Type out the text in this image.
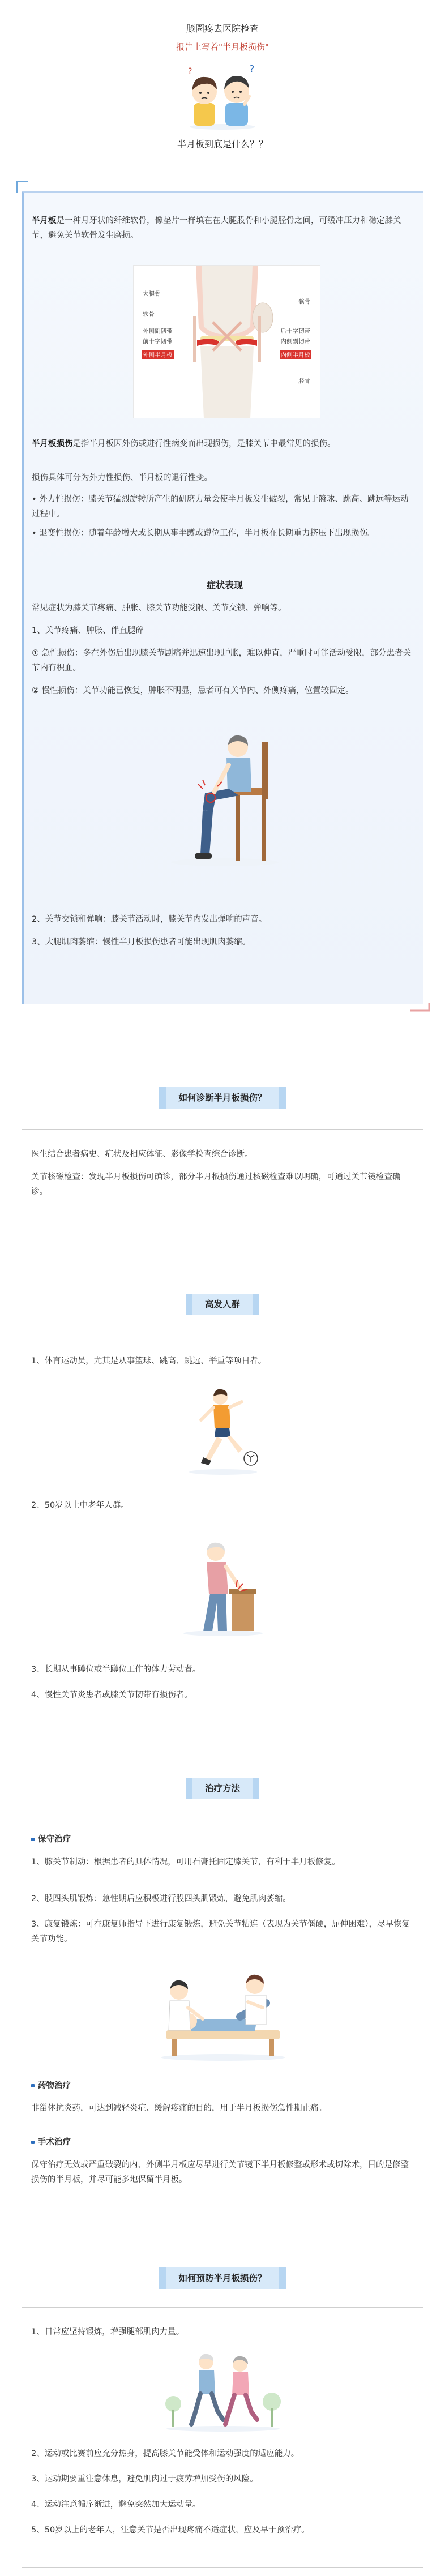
膝圈疼去医院检查
报告上写着"半月板损伤"
?
?
半月板到底是什么？？
半月板是一种月牙状的纤维软骨，像垫片一样填在在大腿股骨和小腿胫骨之间，可缓冲压力和稳定膝关节，避免关节软骨发生磨损。
大腿骨
软骨
外侧副韧带
前十字韧带
外侧半月板
髌骨
后十字韧带
内侧副韧带
内侧半月板
胫骨
半月板损伤是指半月板因外伤或进行性病变而出现损伤，是膝关节中最常见的损伤。
损伤具体可分为外力性损伤、半月板的退行性变。
• 外力性损伤：膝关节猛烈旋转所产生的研磨力量会使半月板发生破裂，常见于篮球、跳高、跳远等运动过程中。
• 退变性损伤：随着年龄增大或长期从事半蹲或蹲位工作，半月板在长期重力挤压下出现损伤。
症状表现
常见症状为膝关节疼痛、肿胀、膝关节功能受限、关节交锁、弹响等。
1、关节疼痛、肿胀、伴直腿碎
① 急性损伤：多在外伤后出现膝关节剧痛并迅速出现肿胀，难以伸直，严重时可能活动受限，部分患者关节内有积血。
② 慢性损伤：关节功能已恢复，肿胀不明显，患者可有关节内、外侧疼痛，位置较固定。
2、关节交锁和弹响：膝关节活动时，膝关节内发出弹响的声音。
3、大腿肌肉萎缩：慢性半月板损伤患者可能出现肌肉萎缩。
如何诊断半月板损伤？
医生结合患者病史、症状及相应体征、影像学检查综合诊断。
关节核磁检查：发现半月板损伤可确诊，部分半月板损伤通过核磁检查难以明确，可通过关节镜检查确诊。
高发人群
1、体育运动员，尤其是从事篮球、跳高、跳远、举重等项目者。
2、50岁以上中老年人群。
3、长期从事蹲位或半蹲位工作的体力劳动者。
4、慢性关节炎患者或膝关节韧带有损伤者。
治疗方法
保守治疗
1、膝关节制动：根据患者的具体情况，可用石膏托固定膝关节，有利于半月板修复。
2、股四头肌锻炼：急性期后应积极进行股四头肌锻炼，避免肌肉萎缩。
3、康复锻炼：可在康复师指导下进行康复锻炼，避免关节粘连（表现为关节僵硬，屈伸困难），尽早恢复关节功能。
药物治疗
非甾体抗炎药，可达到减轻炎症、缓解疼痛的目的，用于半月板损伤急性期止痛。
手术治疗
保守治疗无效或严重破裂的内、外侧半月板应尽早进行关节镜下半月板修整或形术或切除术，目的是修整损伤的半月板，并尽可能多地保留半月板。
如何预防半月板损伤？
1、日常应坚持锻炼，增强腿部肌肉力量。
2、运动或比赛前应充分热身，提高膝关节能受体和运动强度的适应能力。
3、运动期要重注意休息，避免肌肉过于疲劳增加受伤的风险。
4、运动注意循序渐进，避免突然加大运动量。
5、50岁以上的老年人，注意关节是否出现疼痛不适症状，应及早于预治疗。
